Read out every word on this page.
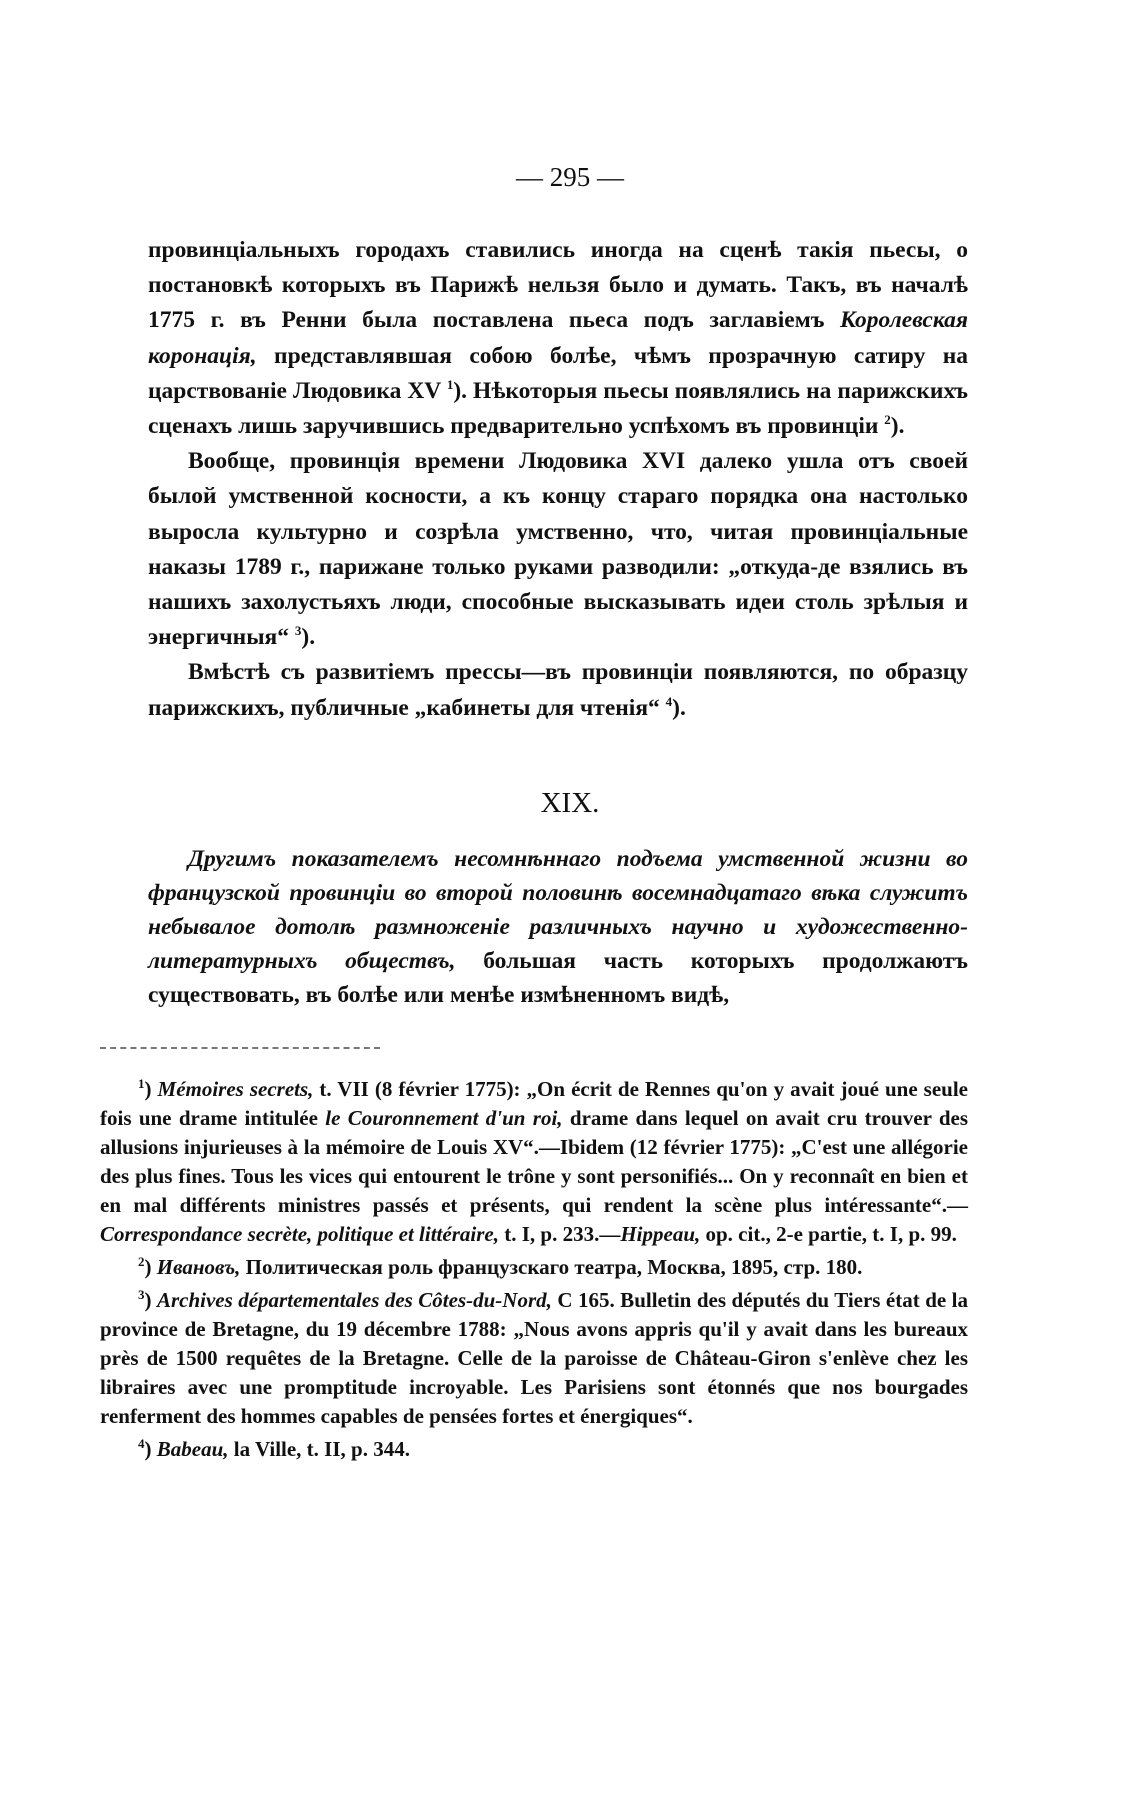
— 295 —

провинціальныхъ городахъ ставились иногда на сценѣ такія пьесы, о постановкѣ которыхъ въ Парижѣ нельзя было и думать. Такъ, въ началѣ 1775 г. въ Ренни была поставлена пьеса подъ заглавіемъ Королевская коронація, представлявшая собою болѣе, чѣмъ прозрачную сатиру на царствованіе Людовика XV $^1$). Нѣкоторыя пьесы появлялись на парижскихъ сценахъ лишь заручившись предварительно успѣхомъ въ провинціи $^2$).

Вообще, провинція времени Людовика XVI далеко ушла отъ своей былой умственной косности, а къ концу стараго порядка она настолько выросла культурно и созрѣла умственно, что, читая провинціальные наказы 1789 г., парижане только руками разводили: „откуда-де взялись въ нашихъ захолустьяхъ люди, способные высказывать идеи столь зрѣлыя и энергичныя“ $^3$).

Вмѣстѣ съ развитіемъ прессы—въ провинціи появляются, по образцу парижскихъ, публичные „кабинеты для чтенія“ $^4$).

XIX.
Другимъ показателемъ несомнѣннаго подъема умственной жизни во французской провинціи во второй половинѣ восемнадцатаго вѣка служитъ небывалое дотолѣ размноженіе различныхъ научно и художественно-литературныхъ обществъ, большая часть которыхъ продолжаютъ существовать, въ болѣе или менѣе измѣненномъ видѣ,

$^1$) Mémoires secrets, t. VII (8 février 1775): „On écrit de Rennes qu'on y avait joué une seule fois une drame intitulée le Couronnement d'un roi, drame dans lequel on avait cru trouver des allusions injurieuses à la mémoire de Louis XV“.—Ibidem (12 février 1775): „C'est une allégorie des plus fines. Tous les vices qui entourent le trône y sont personifiés... On y reconnaît en bien et en mal différents ministres passés et présents, qui rendent la scène plus intéressante“.—Correspondance secrète, politique et littéraire, t. I, p. 233.—Hippeau, op. cit., 2-e partie, t. I, p. 99.

$^2$) Ивановъ, Политическая роль французскаго театра, Москва, 1895, стр. 180.

$^3$) Archives départementales des Côtes-du-Nord, C 165. Bulletin des députés du Tiers état de la province de Bretagne, du 19 décembre 1788: „Nous avons appris qu'il y avait dans les bureaux près de 1500 requêtes de la Bretagne. Celle de la paroisse de Château-Giron s'enlève chez les libraires avec une promptitude incroyable. Les Parisiens sont étonnés que nos bourgades renferment des hommes capables de pensées fortes et énergiques“.

$^4$) Babeau, la Ville, t. II, p. 344.
